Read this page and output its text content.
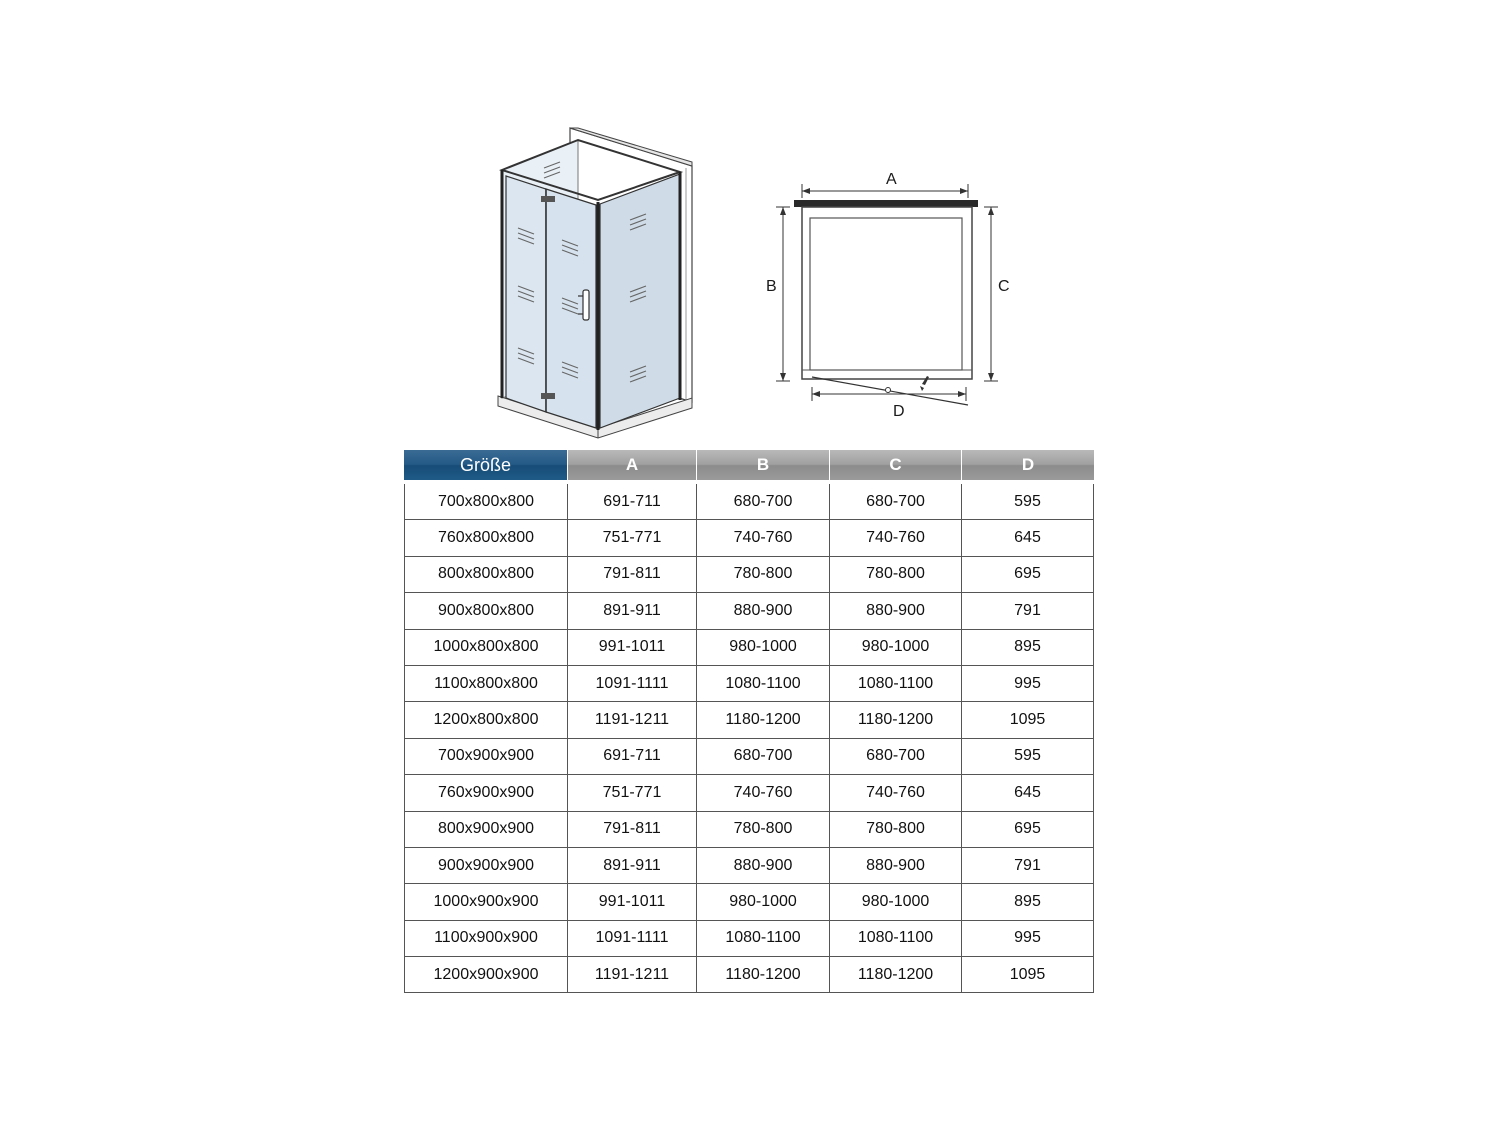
A
B	C
D
Größe	A	B	C	D

700x800x800	691-711	680-700	680-700	595
760x800x800	751-771	740-760	740-760	645
800x800x800	791-811	780-800	780-800	695
900x800x800	891-911	880-900	880-900	791
1000x800x800	991-1011	980-1000	980-1000	895
1100x800x800	1091-1111	1080-1100	1080-1100	995
1200x800x800	1191-1211	1180-1200	1180-1200	1095
700x900x900	691-711	680-700	680-700	595
760x900x900	751-771	740-760	740-760	645
800x900x900	791-811	780-800	780-800	695
900x900x900	891-911	880-900	880-900	791
1000x900x900	991-1011	980-1000	980-1000	895
1100x900x900	1091-1111	1080-1100	1080-1100	995
1200x900x900	1191-1211	1180-1200	1180-1200	1095
